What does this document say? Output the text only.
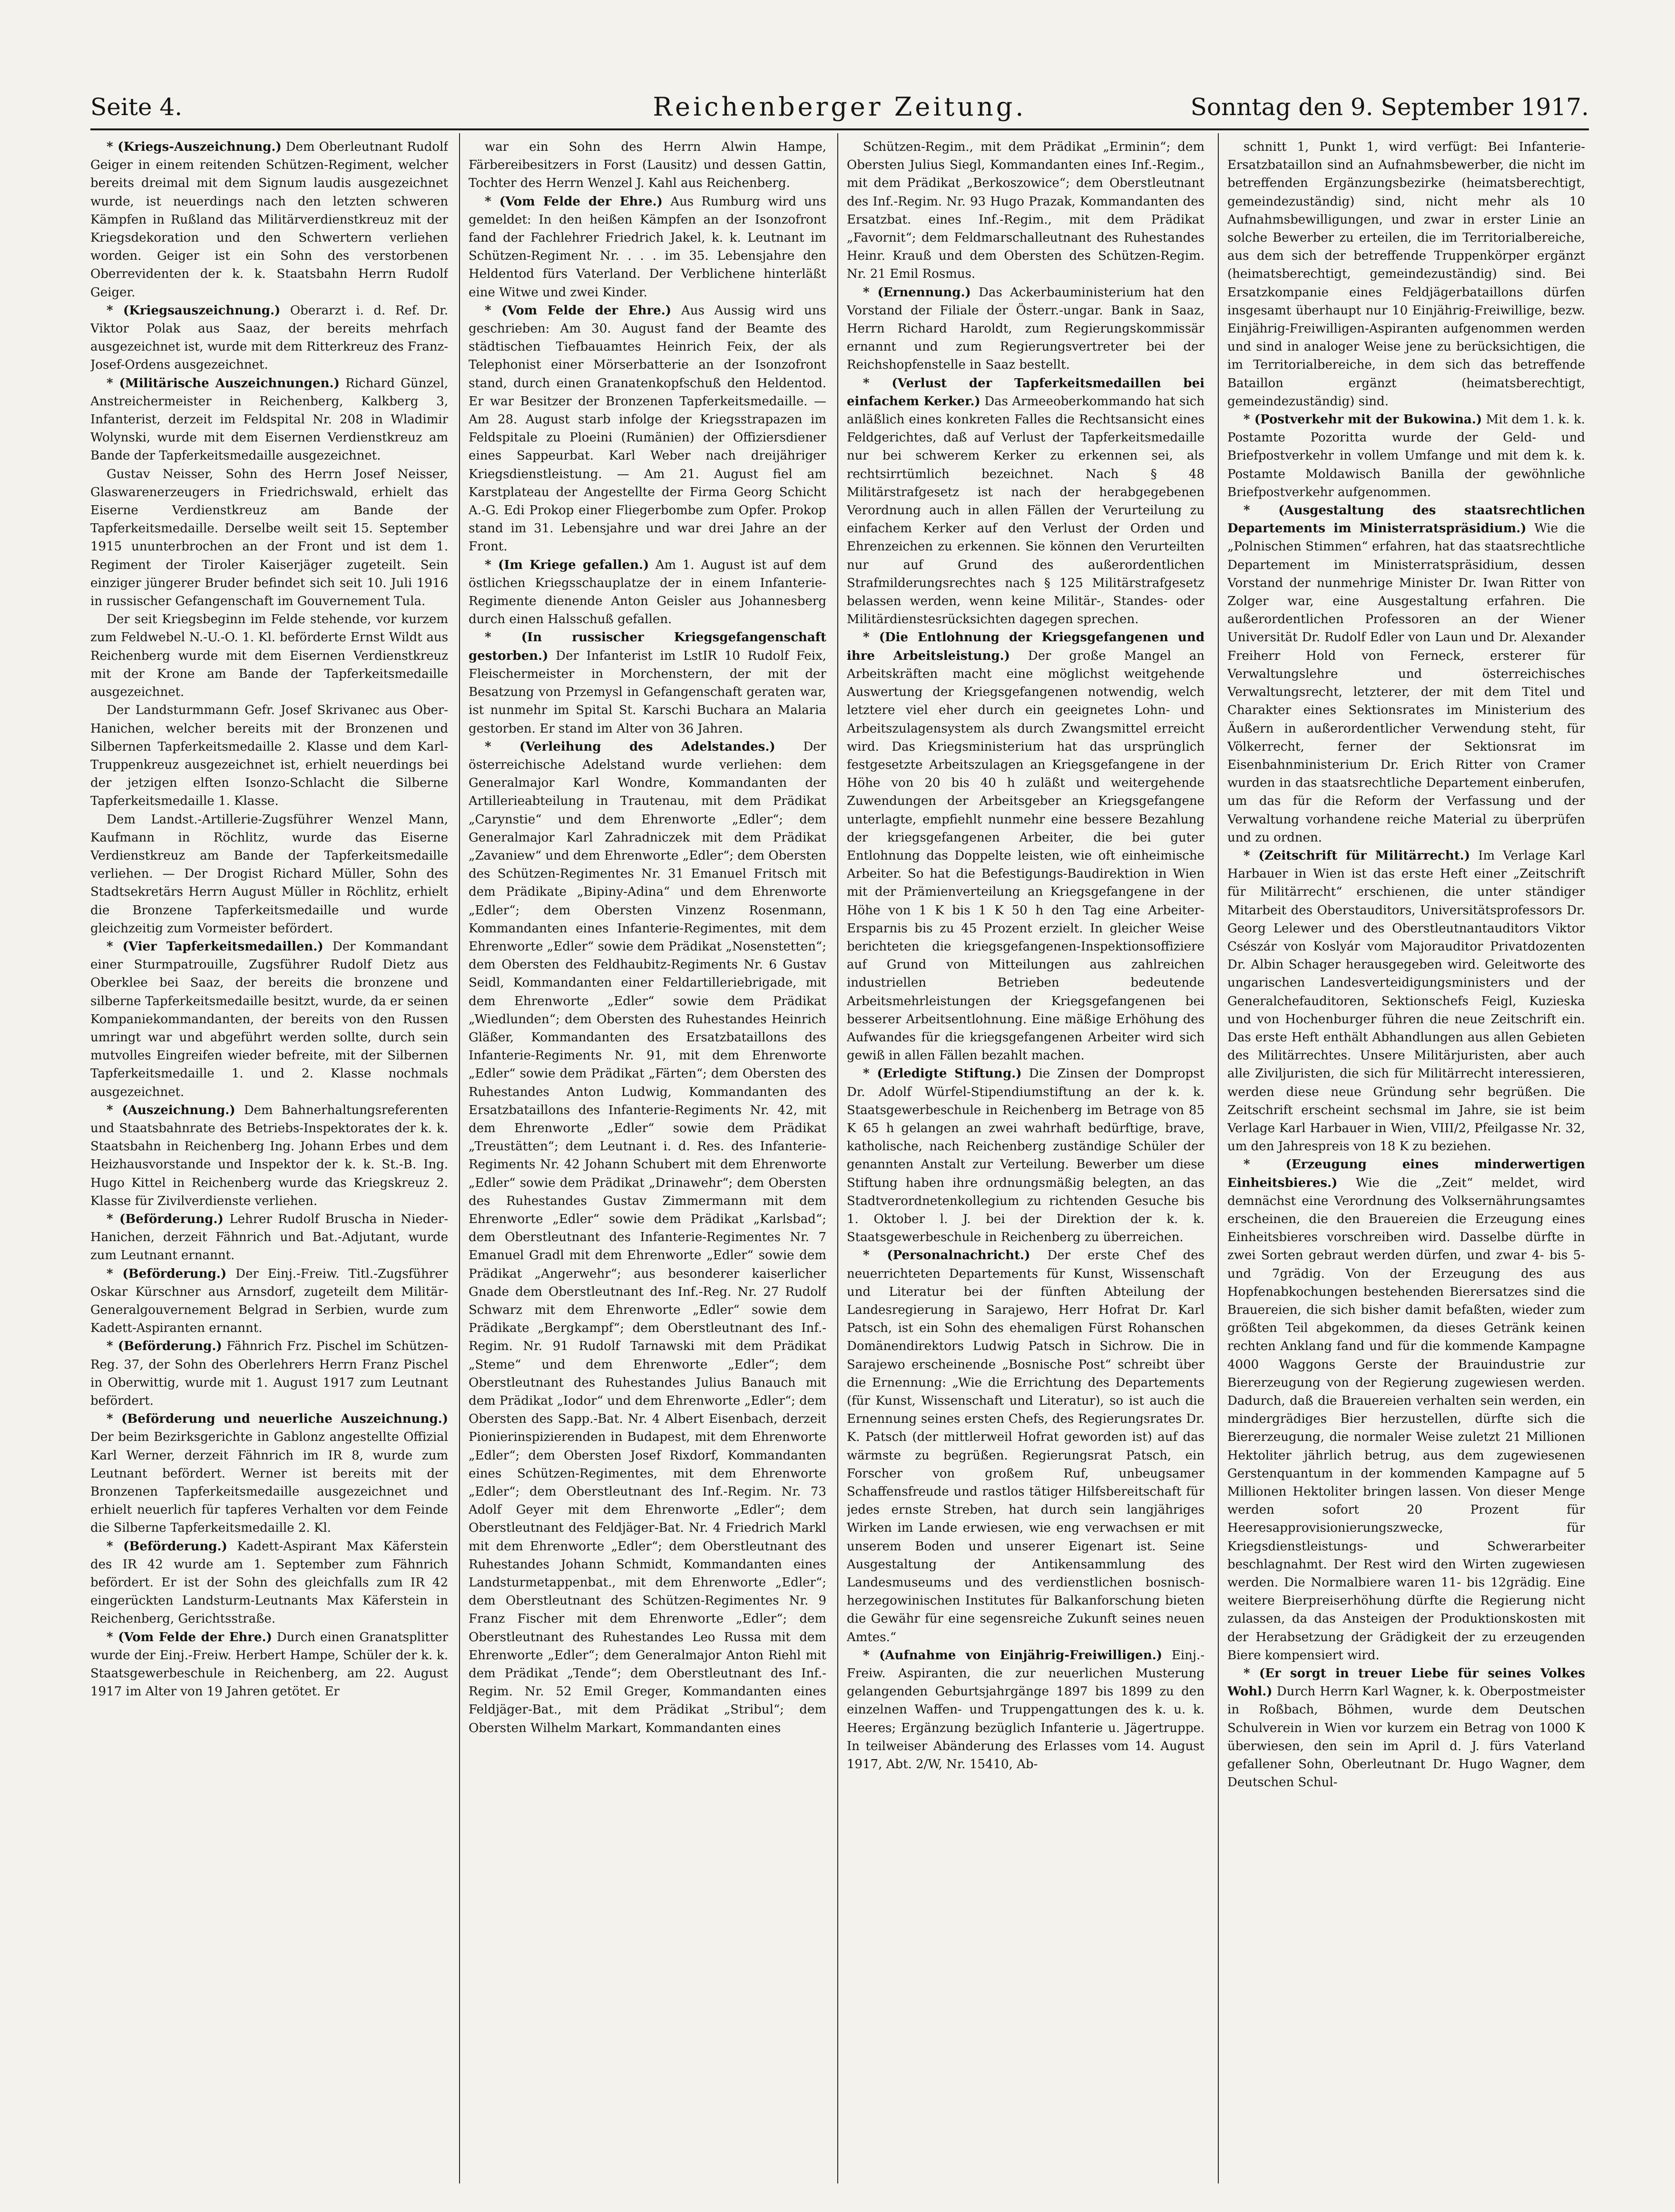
Seite 4.	Reichenberger Zeitung.	Sonntag den 9. September 1917.

* (Kriegs-Auszeichnung.) Dem Oberleutnant Rudolf Geiger in einem reitenden Schützen-Regiment, welcher bereits dreimal mit dem Signum laudis ausgezeichnet wurde, ist neuerdings nach den letzten schweren Kämpfen in Rußland das Militärverdienstkreuz mit der Kriegsdekoration und den Schwertern verliehen worden. Geiger ist ein Sohn des verstorbenen Oberrevidenten der k. k. Staatsbahn Herrn Rudolf Geiger.

* (Kriegsauszeichnung.) Oberarzt i. d. Ref. Dr. Viktor Polak aus Saaz, der bereits mehrfach ausgezeichnet ist, wurde mit dem Ritterkreuz des Franz-Josef-Ordens ausgezeichnet.

* (Militärische Auszeichnungen.) Richard Günzel, Anstreichermeister in Reichenberg, Kalkberg 3, Infanterist, derzeit im Feldspital Nr. 208 in Wladimir Wolynski, wurde mit dem Eisernen Verdienstkreuz am Bande der Tapferkeitsmedaille ausgezeichnet.

Gustav Neisser, Sohn des Herrn Josef Neisser, Glaswarenerzeugers in Friedrichswald, erhielt das Eiserne Verdienstkreuz am Bande der Tapferkeitsmedaille. Derselbe weilt seit 15. September 1915 ununterbrochen an der Front und ist dem 1. Regiment der Tiroler Kaiserjäger zugeteilt. Sein einziger jüngerer Bruder befindet sich seit 10. Juli 1916 in russischer Gefangenschaft im Gouvernement Tula.

Der seit Kriegsbeginn im Felde stehende, vor kurzem zum Feldwebel N.-U.-O. 1. Kl. beförderte Ernst Wildt aus Reichenberg wurde mit dem Eisernen Verdienstkreuz mit der Krone am Bande der Tapferkeitsmedaille ausgezeichnet.

Der Landsturmmann Gefr. Josef Skrivanec aus Ober-Hanichen, welcher bereits mit der Bronzenen und Silbernen Tapferkeitsmedaille 2. Klasse und dem Karl-Truppenkreuz ausgezeichnet ist, erhielt neuerdings bei der jetzigen elften Isonzo-Schlacht die Silberne Tapferkeitsmedaille 1. Klasse.

Dem Landst.-Artillerie-Zugsführer Wenzel Mann, Kaufmann in Röchlitz, wurde das Eiserne Verdienstkreuz am Bande der Tapferkeitsmedaille verliehen. — Der Drogist Richard Müller, Sohn des Stadtsekretärs Herrn August Müller in Röchlitz, erhielt die Bronzene Tapferkeitsmedaille und wurde gleichzeitig zum Vormeister befördert.

* (Vier Tapferkeitsmedaillen.) Der Kommandant einer Sturmpatrouille, Zugsführer Rudolf Dietz aus Oberklee bei Saaz, der bereits die bronzene und silberne Tapferkeitsmedaille besitzt, wurde, da er seinen Kompaniekommandanten, der bereits von den Russen umringt war und abgeführt werden sollte, durch sein mutvolles Eingreifen wieder befreite, mit der Silbernen Tapferkeitsmedaille 1. und 2. Klasse nochmals ausgezeichnet.

* (Auszeichnung.) Dem Bahnerhaltungsreferenten und Staatsbahnrate des Betriebs-Inspektorates der k. k. Staatsbahn in Reichenberg Ing. Johann Erbes und dem Heizhausvorstande und Inspektor der k. k. St.-B. Ing. Hugo Kittel in Reichenberg wurde das Kriegskreuz 2. Klasse für Zivilverdienste verliehen.

* (Beförderung.) Lehrer Rudolf Bruscha in Nieder-Hanichen, derzeit Fähnrich und Bat.-Adjutant, wurde zum Leutnant ernannt.

* (Beförderung.) Der Einj.-Freiw. Titl.-Zugsführer Oskar Kürschner aus Arnsdorf, zugeteilt dem Militär-Generalgouvernement Belgrad in Serbien, wurde zum Kadett-Aspiranten ernannt.

* (Beförderung.) Fähnrich Frz. Pischel im Schützen-Reg. 37, der Sohn des Oberlehrers Herrn Franz Pischel in Oberwittig, wurde mit 1. August 1917 zum Leutnant befördert.

* (Beförderung und neuerliche Auszeichnung.) Der beim Bezirksgerichte in Gablonz angestellte Offizial Karl Werner, derzeit Fähnrich im IR 8, wurde zum Leutnant befördert. Werner ist bereits mit der Bronzenen Tapferkeitsmedaille ausgezeichnet und erhielt neuerlich für tapferes Verhalten vor dem Feinde die Silberne Tapferkeitsmedaille 2. Kl.

* (Beförderung.) Kadett-Aspirant Max Käferstein des IR 42 wurde am 1. September zum Fähnrich befördert. Er ist der Sohn des gleichfalls zum IR 42 eingerückten Landsturm-Leutnants Max Käferstein in Reichenberg, Gerichtsstraße.

* (Vom Felde der Ehre.) Durch einen Granatsplitter wurde der Einj.-Freiw. Herbert Hampe, Schüler der k. k. Staatsgewerbeschule in Reichenberg, am 22. August 1917 im Alter von 19 Jahren getötet. Er

war ein Sohn des Herrn Alwin Hampe, Färbereibesitzers in Forst (Lausitz) und dessen Gattin, Tochter des Herrn Wenzel J. Kahl aus Reichenberg.

* (Vom Felde der Ehre.) Aus Rumburg wird uns gemeldet: In den heißen Kämpfen an der Isonzofront fand der Fachlehrer Friedrich Jakel, k. k. Leutnant im Schützen-Regiment Nr. . . . im 35. Lebensjahre den Heldentod fürs Vaterland. Der Verblichene hinterläßt eine Witwe und zwei Kinder.

* (Vom Felde der Ehre.) Aus Aussig wird uns geschrieben: Am 30. August fand der Beamte des städtischen Tiefbauamtes Heinrich Feix, der als Telephonist einer Mörserbatterie an der Isonzofront stand, durch einen Granatenkopfschuß den Heldentod. Er war Besitzer der Bronzenen Tapferkeitsmedaille. — Am 28. August starb infolge der Kriegsstrapazen im Feldspitale zu Ploeini (Rumänien) der Offiziersdiener eines Sappeurbat. Karl Weber nach dreijähriger Kriegsdienstleistung. — Am 21. August fiel am Karstplateau der Angestellte der Firma Georg Schicht A.-G. Edi Prokop einer Fliegerbombe zum Opfer. Prokop stand im 31. Lebensjahre und war drei Jahre an der Front.

* (Im Kriege gefallen.) Am 1. August ist auf dem östlichen Kriegsschauplatze der in einem Infanterie-Regimente dienende Anton Geisler aus Johannesberg durch einen Halsschuß gefallen.

* (In russischer Kriegsgefangenschaft gestorben.) Der Infanterist im LstIR 10 Rudolf Feix, Fleischermeister in Morchenstern, der mit der Besatzung von Przemysl in Gefangenschaft geraten war, ist nunmehr im Spital St. Karschi Buchara an Malaria gestorben. Er stand im Alter von 36 Jahren.

* (Verleihung des Adelstandes.) Der österreichische Adelstand wurde verliehen: dem Generalmajor Karl Wondre, Kommandanten der Artillerieabteilung in Trautenau, mit dem Prädikat „Carynstie“ und dem Ehrenworte „Edler“; dem Generalmajor Karl Zahradniczek mit dem Prädikat „Zavaniew“ und dem Ehrenworte „Edler“; dem Obersten des Schützen-Regimentes Nr. 31 Emanuel Fritsch mit dem Prädikate „Bipiny-Adina“ und dem Ehrenworte „Edler“; dem Obersten Vinzenz Rosenmann, Kommandanten eines Infanterie-Regimentes, mit dem Ehrenworte „Edler“ sowie dem Prädikat „Nosenstetten“; dem Obersten des Feldhaubitz-Regiments Nr. 6 Gustav Seidl, Kommandanten einer Feldartilleriebrigade, mit dem Ehrenworte „Edler“ sowie dem Prädikat „Wiedlunden“; dem Obersten des Ruhestandes Heinrich Gläßer, Kommandanten des Ersatzbataillons des Infanterie-Regiments Nr. 91, mit dem Ehrenworte „Edler“ sowie dem Prädikat „Färten“; dem Obersten des Ruhestandes Anton Ludwig, Kommandanten des Ersatzbataillons des Infanterie-Regiments Nr. 42, mit dem Ehrenworte „Edler“ sowie dem Prädikat „Treustätten“; dem Leutnant i. d. Res. des Infanterie-Regiments Nr. 42 Johann Schubert mit dem Ehrenworte „Edler“ sowie dem Prädikat „Drinawehr“; dem Obersten des Ruhestandes Gustav Zimmermann mit dem Ehrenworte „Edler“ sowie dem Prädikat „Karlsbad“; dem Oberstleutnant des Infanterie-Regimentes Nr. 7 Emanuel Gradl mit dem Ehrenworte „Edler“ sowie dem Prädikat „Angerwehr“; aus besonderer kaiserlicher Gnade dem Oberstleutnant des Inf.-Reg. Nr. 27 Rudolf Schwarz mit dem Ehrenworte „Edler“ sowie dem Prädikate „Bergkampf“; dem Oberstleutnant des Inf.-Regim. Nr. 91 Rudolf Tarnawski mit dem Prädikat „Steme“ und dem Ehrenworte „Edler“; dem Oberstleutnant des Ruhestandes Julius Banauch mit dem Prädikat „Iodor“ und dem Ehrenworte „Edler“; dem Obersten des Sapp.-Bat. Nr. 4 Albert Eisenbach, derzeit Pionierinspizierenden in Budapest, mit dem Ehrenworte „Edler“; dem Obersten Josef Rixdorf, Kommandanten eines Schützen-Regimentes, mit dem Ehrenworte „Edler“; dem Oberstleutnant des Inf.-Regim. Nr. 73 Adolf Geyer mit dem Ehrenworte „Edler“; dem Oberstleutnant des Feldjäger-Bat. Nr. 4 Friedrich Markl mit dem Ehrenworte „Edler“; dem Oberstleutnant des Ruhestandes Johann Schmidt, Kommandanten eines Landsturmetappenbat., mit dem Ehrenworte „Edler“; dem Oberstleutnant des Schützen-Regimentes Nr. 9 Franz Fischer mit dem Ehrenworte „Edler“; dem Oberstleutnant des Ruhestandes Leo Russa mit dem Ehrenworte „Edler“; dem Generalmajor Anton Riehl mit dem Prädikat „Tende“; dem Oberstleutnant des Inf.-Regim. Nr. 52 Emil Greger, Kommandanten eines Feldjäger-Bat., mit dem Prädikat „Stribul“; dem Obersten Wilhelm Markart, Kommandanten eines

Schützen-Regim., mit dem Prädikat „Erminin“; dem Obersten Julius Siegl, Kommandanten eines Inf.-Regim., mit dem Prädikat „Berkoszowice“; dem Oberstleutnant des Inf.-Regim. Nr. 93 Hugo Prazak, Kommandanten des Ersatzbat. eines Inf.-Regim., mit dem Prädikat „Favornit“; dem Feldmarschalleutnant des Ruhestandes Heinr. Krauß und dem Obersten des Schützen-Regim. Nr. 21 Emil Rosmus.

* (Ernennung.) Das Ackerbauministerium hat den Vorstand der Filiale der Österr.-ungar. Bank in Saaz, Herrn Richard Haroldt, zum Regierungskommissär ernannt und zum Regierungsvertreter bei der Reichshopfenstelle in Saaz bestellt.

* (Verlust der Tapferkeitsmedaillen bei einfachem Kerker.) Das Armeeoberkommando hat sich anläßlich eines konkreten Falles die Rechtsansicht eines Feldgerichtes, daß auf Verlust der Tapferkeitsmedaille nur bei schwerem Kerker zu erkennen sei, als rechtsirrtümlich bezeichnet. Nach § 48 Militärstrafgesetz ist nach der herabgegebenen Verordnung auch in allen Fällen der Verurteilung zu einfachem Kerker auf den Verlust der Orden und Ehrenzeichen zu erkennen. Sie können den Verurteilten nur auf Grund des außerordentlichen Strafmilderungsrechtes nach § 125 Militärstrafgesetz belassen werden, wenn keine Militär-, Standes- oder Militärdienstesrücksichten dagegen sprechen.

* (Die Entlohnung der Kriegsgefangenen und ihre Arbeitsleistung.) Der große Mangel an Arbeitskräften macht eine möglichst weitgehende Auswertung der Kriegsgefangenen notwendig, welch letztere viel eher durch ein geeignetes Lohn- und Arbeitszulagensystem als durch Zwangsmittel erreicht wird. Das Kriegsministerium hat das ursprünglich festgesetzte Arbeitszulagen an Kriegsgefangene in der Höhe von 20 bis 40 h zuläßt und weitergehende Zuwendungen der Arbeitsgeber an Kriegsgefangene unterlagte, empfiehlt nunmehr eine bessere Bezahlung der kriegsgefangenen Arbeiter, die bei guter Entlohnung das Doppelte leisten, wie oft einheimische Arbeiter. So hat die Befestigungs-Baudirektion in Wien mit der Prämienverteilung an Kriegsgefangene in der Höhe von 1 K bis 1 K 50 h den Tag eine Arbeiter-Ersparnis bis zu 45 Prozent erzielt. In gleicher Weise berichteten die kriegsgefangenen-Inspektionsoffiziere auf Grund von Mitteilungen aus zahlreichen industriellen Betrieben bedeutende Arbeitsmehrleistungen der Kriegsgefangenen bei besserer Arbeitsentlohnung. Eine mäßige Erhöhung des Aufwandes für die kriegsgefangenen Arbeiter wird sich gewiß in allen Fällen bezahlt machen.

* (Erledigte Stiftung.) Die Zinsen der Dompropst Dr. Adolf Würfel-Stipendiumstiftung an der k. k. Staatsgewerbeschule in Reichenberg im Betrage von 85 K 65 h gelangen an zwei wahrhaft bedürftige, brave, katholische, nach Reichenberg zuständige Schüler der genannten Anstalt zur Verteilung. Bewerber um diese Stiftung haben ihre ordnungsmäßig belegten, an das Stadtverordnetenkollegium zu richtenden Gesuche bis 1. Oktober l. J. bei der Direktion der k. k. Staatsgewerbeschule in Reichenberg zu überreichen.

* (Personalnachricht.) Der erste Chef des neuerrichteten Departements für Kunst, Wissenschaft und Literatur bei der fünften Abteilung der Landesregierung in Sarajewo, Herr Hofrat Dr. Karl Patsch, ist ein Sohn des ehemaligen Fürst Rohanschen Domänendirektors Ludwig Patsch in Sichrow. Die in Sarajewo erscheinende „Bosnische Post“ schreibt über die Ernennung: „Wie die Errichtung des Departements (für Kunst, Wissenschaft und Literatur), so ist auch die Ernennung seines ersten Chefs, des Regierungsrates Dr. K. Patsch (der mittlerweil Hofrat geworden ist) auf das wärmste zu begrüßen. Regierungsrat Patsch, ein Forscher von großem Ruf, unbeugsamer Schaffensfreude und rastlos tätiger Hilfsbereitschaft für jedes ernste Streben, hat durch sein langjähriges Wirken im Lande erwiesen, wie eng verwachsen er mit unserem Boden und unserer Eigenart ist. Seine Ausgestaltung der Antikensammlung des Landesmuseums und des verdienstlichen bosnisch-herzegowinischen Institutes für Balkanforschung bieten die Gewähr für eine segensreiche Zukunft seines neuen Amtes.“

* (Aufnahme von Einjährig-Freiwilligen.) Einj.-Freiw. Aspiranten, die zur neuerlichen Musterung gelangenden Geburtsjahrgänge 1897 bis 1899 zu den einzelnen Waffen- und Truppengattungen des k. u. k. Heeres; Ergänzung bezüglich Infanterie u. Jägertruppe. In teilweiser Abänderung des Erlasses vom 14. August 1917, Abt. 2/W, Nr. 15410, Ab-

schnitt 1, Punkt 1, wird verfügt: Bei Infanterie-Ersatzbataillon sind an Aufnahmsbewerber, die nicht im betreffenden Ergänzungsbezirke (heimatsberechtigt, gemeindezuständig) sind, nicht mehr als 10 Aufnahmsbewilligungen, und zwar in erster Linie an solche Bewerber zu erteilen, die im Territorialbereiche, aus dem sich der betreffende Truppenkörper ergänzt (heimatsberechtigt, gemeindezuständig) sind. Bei Ersatzkompanie eines Feldjägerbataillons dürfen insgesamt überhaupt nur 10 Einjährig-Freiwillige, bezw. Einjährig-Freiwilligen-Aspiranten aufgenommen werden und sind in analoger Weise jene zu berücksichtigen, die im Territorialbereiche, in dem sich das betreffende Bataillon ergänzt (heimatsberechtigt, gemeindezuständig) sind.

* (Postverkehr mit der Bukowina.) Mit dem 1. k. k. Postamte Pozoritta wurde der Geld- und Briefpostverkehr in vollem Umfange und mit dem k. k. Postamte Moldawisch Banilla der gewöhnliche Briefpostverkehr aufgenommen.

* (Ausgestaltung des staatsrechtlichen Departements im Ministerratspräsidium.) Wie die „Polnischen Stimmen“ erfahren, hat das staatsrechtliche Departement im Ministerratspräsidium, dessen Vorstand der nunmehrige Minister Dr. Iwan Ritter von Zolger war, eine Ausgestaltung erfahren. Die außerordentlichen Professoren an der Wiener Universität Dr. Rudolf Edler von Laun und Dr. Alexander Freiherr Hold von Ferneck, ersterer für Verwaltungslehre und österreichisches Verwaltungsrecht, letzterer, der mit dem Titel und Charakter eines Sektionsrates im Ministerium des Äußern in außerordentlicher Verwendung steht, für Völkerrecht, ferner der Sektionsrat im Eisenbahnministerium Dr. Erich Ritter von Cramer wurden in das staatsrechtliche Departement einberufen, um das für die Reform der Verfassung und der Verwaltung vorhandene reiche Material zu überprüfen und zu ordnen.

* (Zeitschrift für Militärrecht.) Im Verlage Karl Harbauer in Wien ist das erste Heft einer „Zeitschrift für Militärrecht“ erschienen, die unter ständiger Mitarbeit des Oberstauditors, Universitätsprofessors Dr. Georg Lelewer und des Oberstleutnantauditors Viktor Csészár von Koslyár vom Majorauditor Privatdozenten Dr. Albin Schager herausgegeben wird. Geleitworte des ungarischen Landesverteidigungsministers und der Generalchefauditoren, Sektionschefs Feigl, Kuzieska und von Hochenburger führen die neue Zeitschrift ein. Das erste Heft enthält Abhandlungen aus allen Gebieten des Militärrechtes. Unsere Militärjuristen, aber auch alle Ziviljuristen, die sich für Militärrecht interessieren, werden diese neue Gründung sehr begrüßen. Die Zeitschrift erscheint sechsmal im Jahre, sie ist beim Verlage Karl Harbauer in Wien, VIII/2, Pfeilgasse Nr. 32, um den Jahrespreis von 18 K zu beziehen.

* (Erzeugung eines minderwertigen Einheitsbieres.) Wie die „Zeit“ meldet, wird demnächst eine Verordnung des Volksernährungsamtes erscheinen, die den Brauereien die Erzeugung eines Einheitsbieres vorschreiben wird. Dasselbe dürfte in zwei Sorten gebraut werden dürfen, und zwar 4- bis 5- und 7grädig. Von der Erzeugung des aus Hopfenabkochungen bestehenden Bierersatzes sind die Brauereien, die sich bisher damit befaßten, wieder zum größten Teil abgekommen, da dieses Getränk keinen rechten Anklang fand und für die kommende Kampagne 4000 Waggons Gerste der Brauindustrie zur Biererzeugung von der Regierung zugewiesen werden. Dadurch, daß die Brauereien verhalten sein werden, ein mindergrädiges Bier herzustellen, dürfte sich die Biererzeugung, die normaler Weise zuletzt 21 Millionen Hektoliter jährlich betrug, aus dem zugewiesenen Gerstenquantum in der kommenden Kampagne auf 5 Millionen Hektoliter bringen lassen. Von dieser Menge werden sofort 20 Prozent für Heeresapprovisionierungszwecke, für Kriegsdienstleistungs- und Schwerarbeiter beschlagnahmt. Der Rest wird den Wirten zugewiesen werden. Die Normalbiere waren 11- bis 12grädig. Eine weitere Bierpreiserhöhung dürfte die Regierung nicht zulassen, da das Ansteigen der Produktionskosten mit der Herabsetzung der Grädigkeit der zu erzeugenden Biere kompensiert wird.

* (Er sorgt in treuer Liebe für seines Volkes Wohl.) Durch Herrn Karl Wagner, k. k. Oberpostmeister in Roßbach, Böhmen, wurde dem Deutschen Schulverein in Wien vor kurzem ein Betrag von 1000 K überwiesen, den sein im April d. J. fürs Vaterland gefallener Sohn, Oberleutnant Dr. Hugo Wagner, dem Deutschen Schul-
